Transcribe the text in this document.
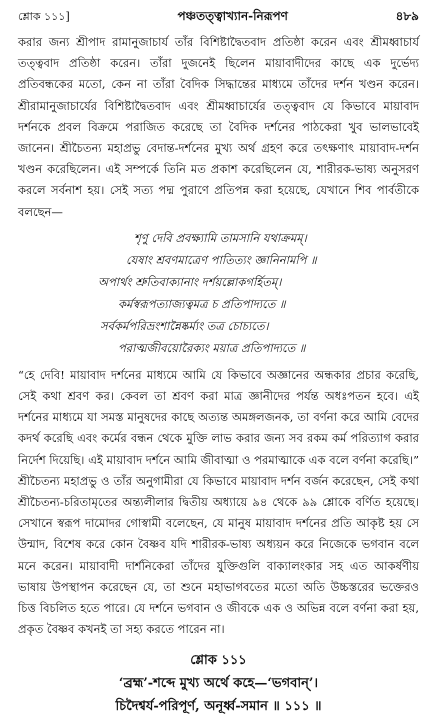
শ্লোক ১১১]	পঞ্চতত্ত্বাখ্যান-নিরূপণ	৪৮৯

করার জন্য শ্রীপাদ রামানুজাচার্য তাঁর বিশিষ্টাদ্বৈতবাদ প্রতিষ্ঠা করেন এবং শ্রীমধ্বাচার্য তত্ত্ববাদ প্রতিষ্ঠা করেন। তাঁরা দুজনেই ছিলেন মায়াবাদীদের কাছে এক দুর্ভেদ্য প্রতিবন্ধকের মতো, কেন না তাঁরা বৈদিক সিদ্ধান্তের মাধ্যমে তাঁদের দর্শন খণ্ডন করেন। শ্রীরামানুজাচার্যের বিশিষ্টাদ্বৈতবাদ এবং শ্রীমধ্বাচার্যের তত্ত্ববাদ যে কিভাবে মায়াবাদ দর্শনকে প্রবল বিক্রমে পরাজিত করেছে তা বৈদিক দর্শনের পাঠকেরা খুব ভালভাবেই জানেন। শ্রীচৈতন্য মহাপ্রভু বেদান্ত-দর্শনের মুখ্য অর্থ গ্রহণ করে তৎক্ষণাৎ মায়াবাদ-দর্শন খণ্ডন করেছিলেন। এই সম্পর্কে তিনি মত প্রকাশ করেছিলেন যে, শারীরক-ভাষ্য অনুসরণ করলে সর্বনাশ হয়। সেই সত্য পদ্ম পুরাণে প্রতিপন্ন করা হয়েছে, যেখানে শিব পার্বতীকে বলছেন—

শৃণু দেবি প্রবক্ষ্যামি তামসানি যথাক্রমম্।
যেষাং শ্রবণমাত্রেণ পাতিত্যং জ্ঞানিনামপি ॥
অপার্থং শ্রুতিবাক্যানাং দর্শয়ল্লোকগর্হিতম্।
কর্মস্বরূপত্যাজ্যত্বমত্র চ প্রতিপাদ্যতে ॥
সর্বকর্মপরিভ্রংশান্নৈষ্কর্ম্যং তত্র চোচ্যতে।
পরাত্মজীবয়োরৈক্যং ময়াত্র প্রতিপাদ্যতে ॥

“হে দেবি! মায়াবাদ দর্শনের মাধ্যমে আমি যে কিভাবে অজ্ঞানের অন্ধকার প্রচার করেছি, সেই কথা শ্রবণ কর। কেবল তা শ্রবণ করা মাত্র জ্ঞানীদের পর্যন্ত অধঃপতন হবে। এই দর্শনের মাধ্যমে যা সমস্ত মানুষদের কাছে অত্যন্ত অমঙ্গলজনক, তা বর্ণনা করে আমি বেদের কদর্থ করেছি এবং কর্মের বন্ধন থেকে মুক্তি লাভ করার জন্য সব রকম কর্ম পরিত্যাগ করার নির্দেশ দিয়েছি। এই মায়াবাদ দর্শনে আমি জীবাত্মা ও পরমাত্মাকে এক বলে বর্ণনা করেছি।” শ্রীচৈতন্য মহাপ্রভু ও তাঁর অনুগামীরা যে কিভাবে মায়াবাদ দর্শন বর্জন করেছেন, সেই কথা শ্রীচৈতন্য-চরিতামৃতের অন্ত্যলীলার দ্বিতীয় অধ্যায়ে ৯৪ থেকে ৯৯ শ্লোকে বর্ণিত হয়েছে। সেখানে স্বরূপ দামোদর গোস্বামী বলেছেন, যে মানুষ মায়াবাদ দর্শনের প্রতি আকৃষ্ট হয় সে উন্মাদ, বিশেষ করে কোন বৈষ্ণব যদি শারীরক-ভাষ্য অধ্যয়ন করে নিজেকে ভগবান বলে মনে করেন। মায়াবাদী দার্শনিকেরা তাঁদের যুক্তিগুলি বাক্যালংকার সহ এত আকর্ষণীয় ভাষায় উপস্থাপন করেছেন যে, তা শুনে মহাভাগবতের মতো অতি উচ্চস্তরের ভক্তেরও চিত্ত বিচলিত হতে পারে। যে দর্শনে ভগবান ও জীবকে এক ও অভিন্ন বলে বর্ণনা করা হয়, প্রকৃত বৈষ্ণব কখনই তা সহ্য করতে পারেন না।

শ্লোক ১১১
‘ব্রহ্ম’-শব্দে মুখ্য অর্থে কহে—‘ভগবান্’।
চিদৈশ্বর্য-পরিপূর্ণ, অনূর্ধ্ব-সমান ॥ ১১১ ॥
